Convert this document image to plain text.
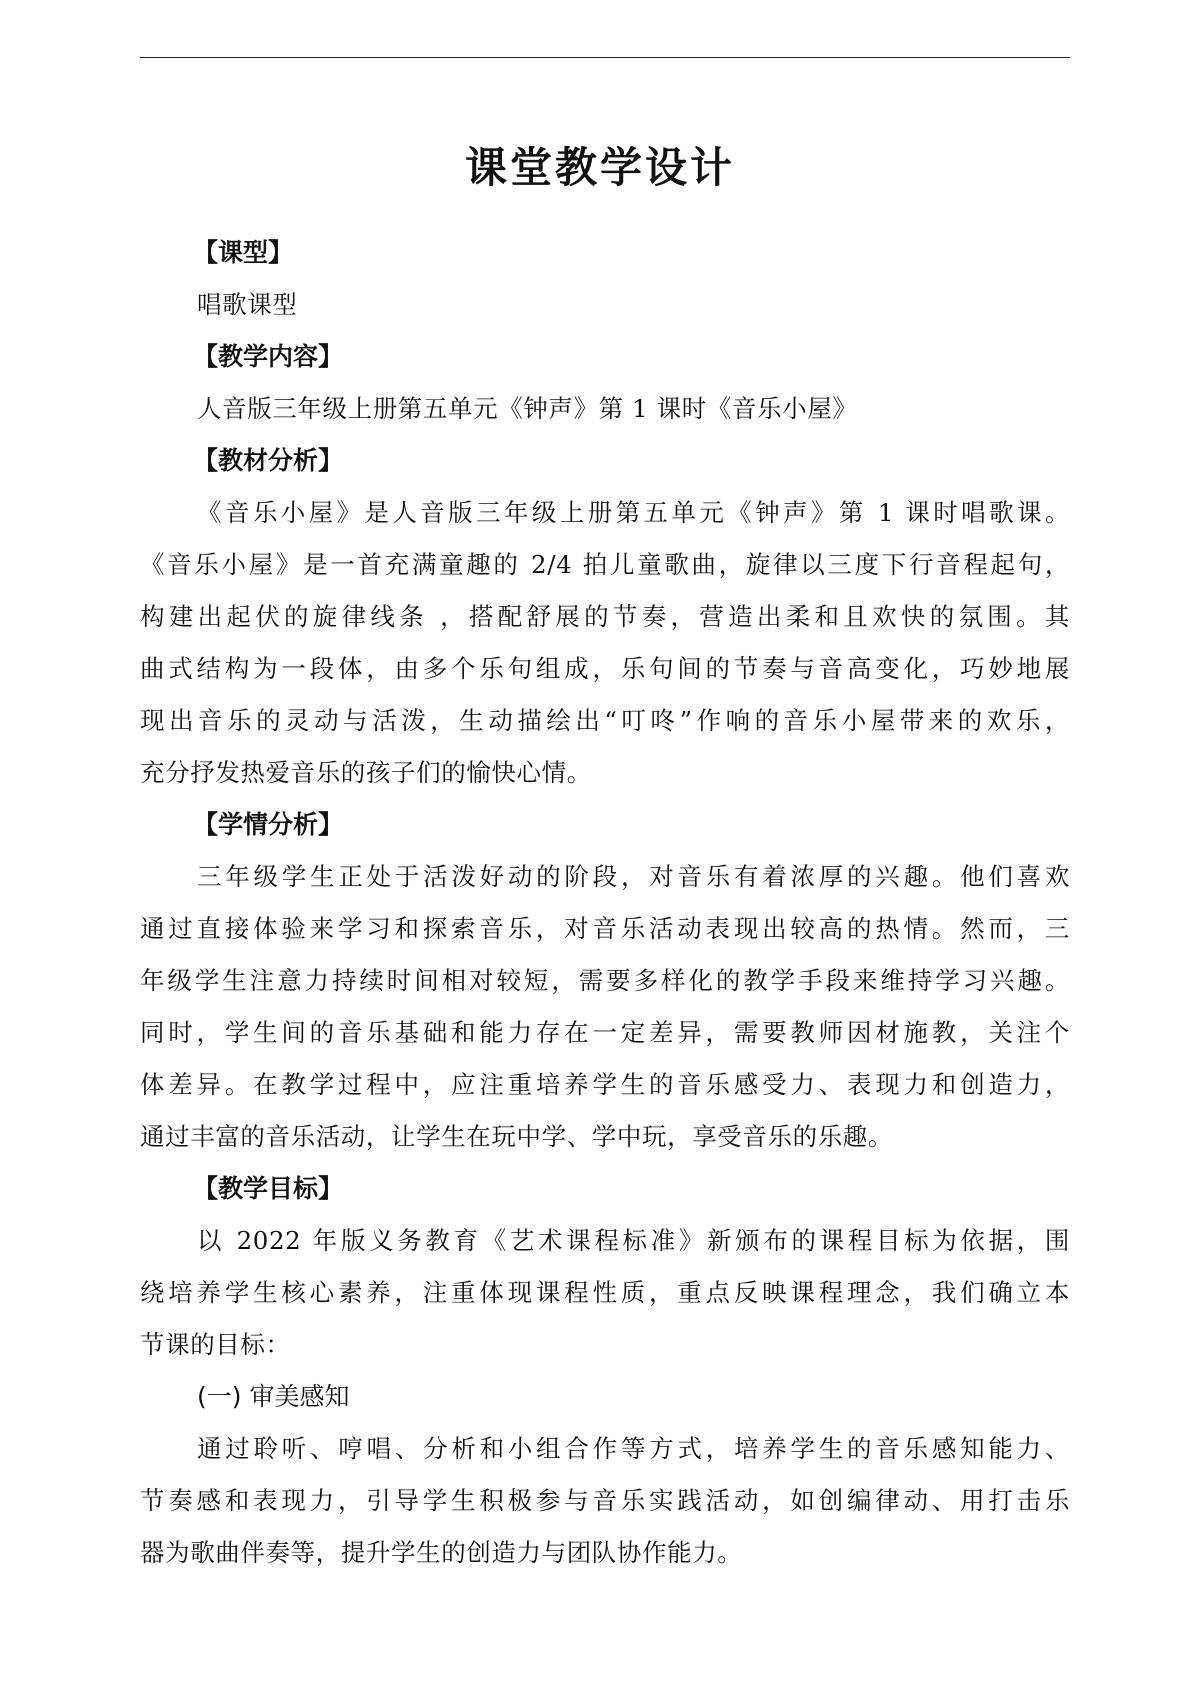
课堂教学设计
【课型】
唱歌课型
【教学内容】
人音版三年级上册第五单元《钟声》第 1 课时《音乐小屋》
【教材分析】
《音乐小屋》是人音版三年级上册第五单元《钟声》第 1 课时唱歌课。
《音乐小屋》是一首充满童趣的 2/4 拍儿童歌曲，旋律以三度下行音程起句，
构建出起伏的旋律线条 ，搭配舒展的节奏，营造出柔和且欢快的氛围。其
曲式结构为一段体，由多个乐句组成，乐句间的节奏与音高变化，巧妙地展
现出音乐的灵动与活泼，生动描绘出“叮咚”作响的音乐小屋带来的欢乐，
充分抒发热爱音乐的孩子们的愉快心情。
【学情分析】
三年级学生正处于活泼好动的阶段，对音乐有着浓厚的兴趣。他们喜欢
通过直接体验来学习和探索音乐，对音乐活动表现出较高的热情。然而，三
年级学生注意力持续时间相对较短，需要多样化的教学手段来维持学习兴趣。
同时，学生间的音乐基础和能力存在一定差异，需要教师因材施教，关注个
体差异。在教学过程中，应注重培养学生的音乐感受力、表现力和创造力，
通过丰富的音乐活动，让学生在玩中学、学中玩，享受音乐的乐趣。
【教学目标】
以 2022 年版义务教育《艺术课程标准》新颁布的课程目标为依据，围
绕培养学生核心素养，注重体现课程性质，重点反映课程理念，我们确立本
节课的目标：
(一) 审美感知
通过聆听、哼唱、分析和小组合作等方式，培养学生的音乐感知能力、
节奏感和表现力，引导学生积极参与音乐实践活动，如创编律动、用打击乐
器为歌曲伴奏等，提升学生的创造力与团队协作能力。
